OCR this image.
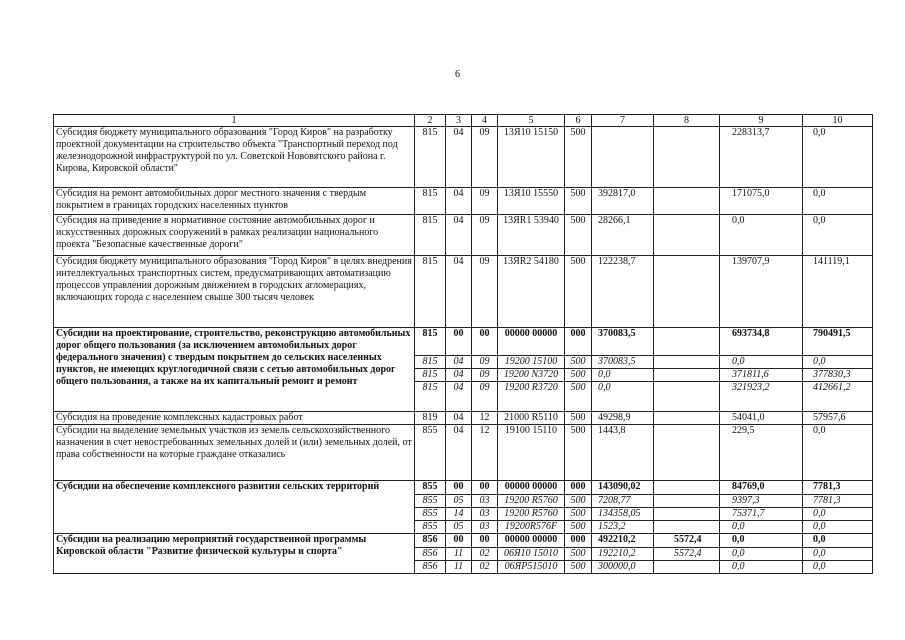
6
1	2	3	4	5	6	7	8	9	10
Субсидия бюджету муниципального образования "Город Киров" на разработку проектной документации на строительство объекта "Транспортный переход под железнодорожной инфраструктурой по ул. Советской Нововятского района г. Кирова, Кировской области"	815	04	09	13Я10 15150	500			228313,7	0,0
Субсидия на ремонт автомобильных дорог местного значения с твердым покрытием в границах городских населенных пунктов	815	04	09	13Я10 15550	500	392817,0		171075,0	0,0
Субсидия на приведение в нормативное состояние автомобильных дорог и искусственных дорожных сооружений в рамках реализации национального проекта "Безопасные качественные дороги"	815	04	09	13ЯR1 53940	500	28266,1		0,0	0,0
Субсидия бюджету муниципального образования "Город Киров" в целях внедрения интеллектуальных транспортных систем, предусматривающих автоматизацию процессов управления дорожным движением в городских агломерациях, включающих города с населением свыше 300 тысяч человек	815	04	09	13ЯR2 54180	500	122238,7		139707,9	141119,1
Субсидии на проектирование, строительство, реконструкцию автомобильных дорог общего пользования (за исключением автомобильных дорог федерального значения) с твердым покрытием до сельских населенных пунктов, не имеющих круглогодичной связи с сетью автомобильных дорог общего пользования, а также на их капитальный ремонт и ремонт	815	00	00	00000 00000	000	370083,5		693734,8	790491,5
	815	04	09	19200 15100	500	370083,5		0,0	0,0
	815	04	09	19200 N3720	500	0,0		371811,6	377830,3
	815	04	09	19200 R3720	500	0,0		321923,2	412661,2
Субсидия на проведение комплексных кадастровых работ	819	04	12	21000 R5110	500	49298,9		54041,0	57957,6
Субсидии на выделение земельных участков из земель сельскохозяйственного назначения в счет невостребованных земельных долей и (или) земельных долей, от права собственности на которые граждане отказались	855	04	12	19100 15110	500	1443,8		229,5	0,0
Субсидии на обеспечение комплексного развития сельских территорий	855	00	00	00000 00000	000	143090,02		84769,0	7781,3
	855	05	03	19200 R5760	500	7208,77		9397,3	7781,3
	855	14	03	19200 R5760	500	134358,05		75371,7	0,0
	855	05	03	19200R576F	500	1523,2		0,0	0,0
Субсидии на реализацию мероприятий государственной программы Кировской области "Развитие физической культуры и спорта"	856	00	00	00000 00000	000	492210,2	5572,4	0,0	0,0
	856	11	02	06Я10 15010	500	192210,2	5572,4	0,0	0,0
	856	11	02	06ЯР515010	500	300000,0		0,0	0,0
